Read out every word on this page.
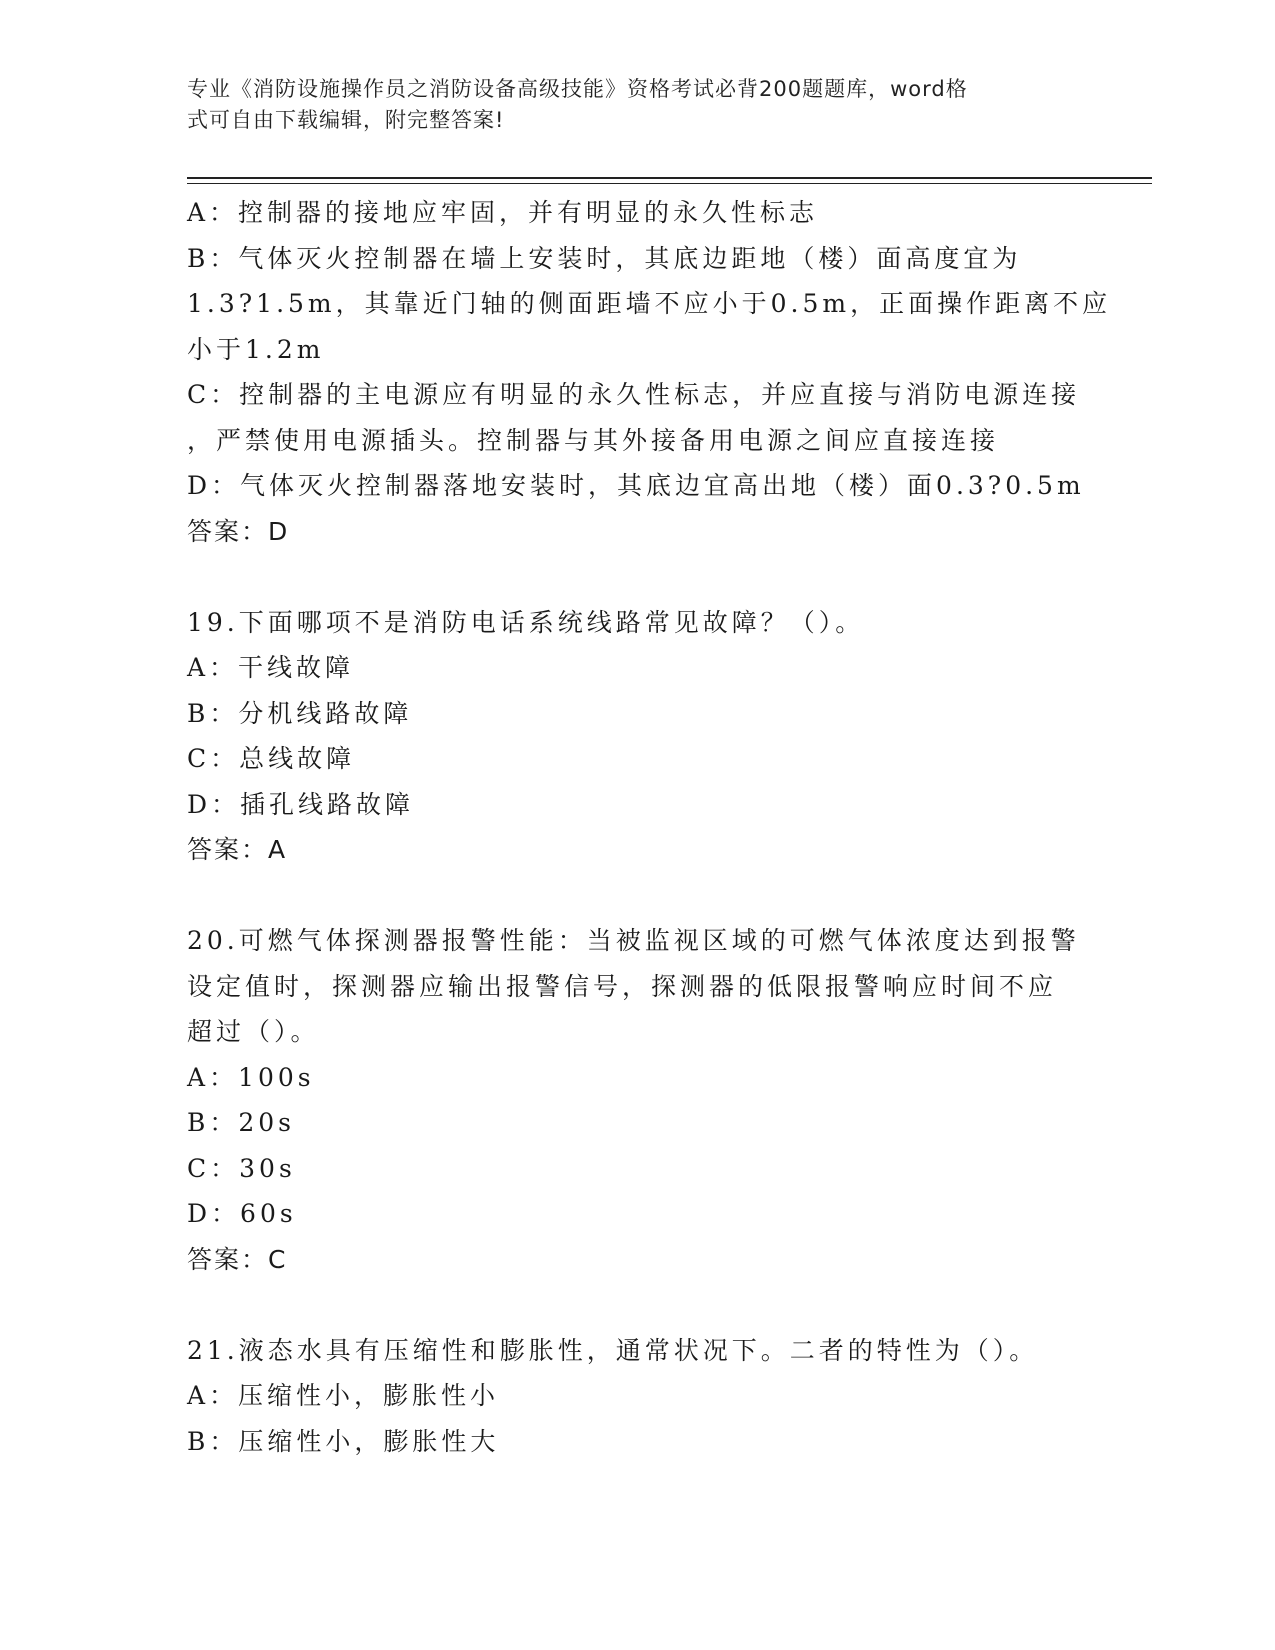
专业《消防设施操作员之消防设备高级技能》资格考试必背200题题库，word格
式可自由下载编辑，附完整答案!
A：控制器的接地应牢固，并有明显的永久性标志
B：气体灭火控制器在墙上安装时，其底边距地（楼）面高度宜为
1.3?1.5m，其靠近门轴的侧面距墙不应小于0.5m，正面操作距离不应
小于1.2m
C：控制器的主电源应有明显的永久性标志，并应直接与消防电源连接
，严禁使用电源插头。控制器与其外接备用电源之间应直接连接
D：气体灭火控制器落地安装时，其底边宜高出地（楼）面0.3?0.5m
答案：D
19.下面哪项不是消防电话系统线路常见故障？（）。
A：干线故障
B：分机线路故障
C：总线故障
D：插孔线路故障
答案：A
20.可燃气体探测器报警性能：当被监视区域的可燃气体浓度达到报警
设定值时，探测器应输出报警信号，探测器的低限报警响应时间不应
超过（）。
A：100s
B：20s
C：30s
D：60s
答案：C
21.液态水具有压缩性和膨胀性，通常状况下。二者的特性为（）。
A：压缩性小，膨胀性小
B：压缩性小，膨胀性大
